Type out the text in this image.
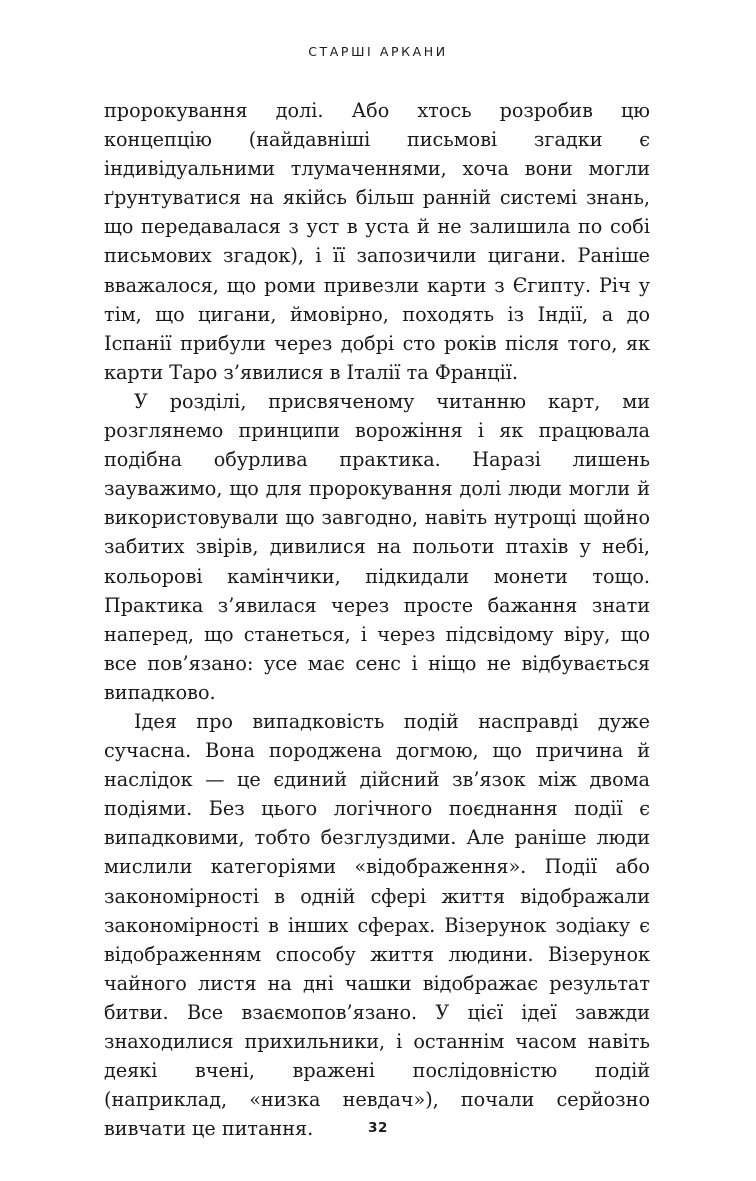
СТАРШІ АРКАНИ

пророкування долі. Або хтось розробив цю концепцію (найдавніші письмові згадки є індивідуальними тлумаченнями, хоча вони могли ґрунтуватися на якійсь більш ранній системі знань, що передавалася з уст в уста й не залишила по собі письмових згадок), і її запозичили цигани. Раніше вважалося, що роми привезли карти з Єгипту. Річ у тім, що цигани, ймовірно, походять із Індії, а до Іспанії прибули через добрі сто років після того, як карти Таро з’явилися в Італії та Франції.

У розділі, присвяченому читанню карт, ми розглянемо принципи ворожіння і як працювала подібна обурлива практика. Наразі лишень зауважимо, що для пророкування долі люди могли й використовували що завгодно, навіть нутрощі щойно забитих звірів, дивилися на польоти птахів у небі, кольорові камінчики, підкидали монети тощо. Практика з’явилася через просте бажання знати наперед, що станеться, і через підсвідому віру, що все пов’язано: усе має сенс і ніщо не відбувається випадково.

Ідея про випадковість подій насправді дуже сучасна. Вона породжена догмою, що причина й наслідок — це єдиний дійсний зв’язок між двома подіями. Без цього логічного поєднання події є випадковими, тобто безглуздими. Але раніше люди мислили категоріями «відображення». Події або закономірності в одній сфері життя відображали закономірності в інших сферах. Візерунок зодіаку є відображенням способу життя людини. Візерунок чайного листя на дні чашки відображає результат битви. Все взаємопов’язано. У цієї ідеї завжди знаходилися прихильники, і останнім часом навіть деякі вчені, вражені послідовністю подій (наприклад, «низка невдач»), почали серйозно вивчати це питання.	32
